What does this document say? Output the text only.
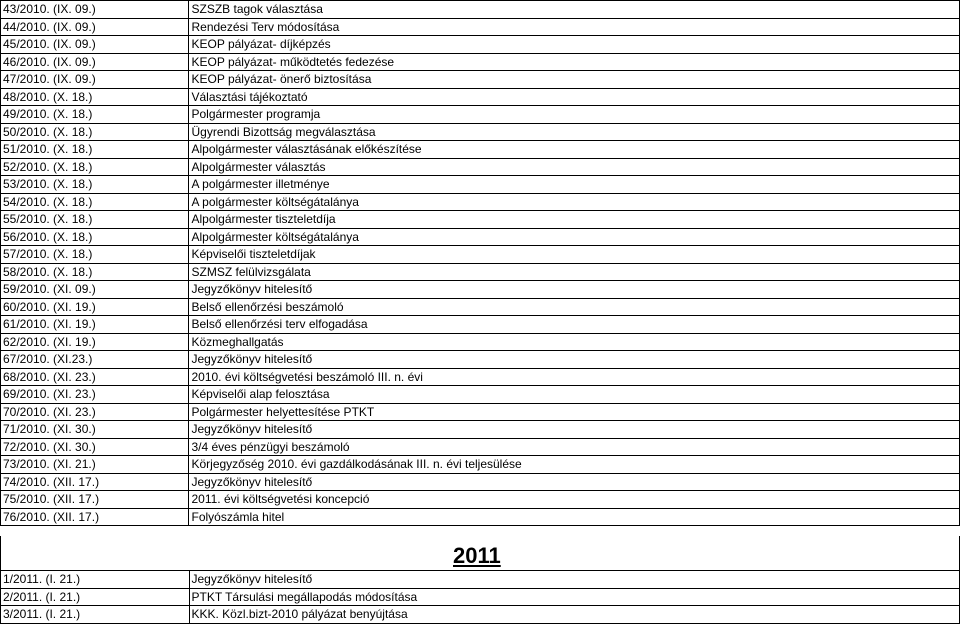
43/2010. (IX. 09.)	SZSZB tagok választása
44/2010. (IX. 09.)	Rendezési Terv módosítása
45/2010. (IX. 09.)	KEOP pályázat- díjképzés
46/2010. (IX. 09.)	KEOP pályázat- működtetés fedezése
47/2010. (IX. 09.)	KEOP pályázat- önerő biztosítása
48/2010. (X. 18.)	Választási tájékoztató
49/2010. (X. 18.)	Polgármester programja
50/2010. (X. 18.)	Ügyrendi Bizottság megválasztása
51/2010. (X. 18.)	Alpolgármester választásának előkészítése
52/2010. (X. 18.)	Alpolgármester választás
53/2010. (X. 18.)	A polgármester illetménye
54/2010. (X. 18.)	A polgármester költségátalánya
55/2010. (X. 18.)	Alpolgármester tiszteletdíja
56/2010. (X. 18.)	Alpolgármester költségátalánya
57/2010. (X. 18.)	Képviselői tiszteletdíjak
58/2010. (X. 18.)	SZMSZ felülvizsgálata
59/2010. (XI. 09.)	Jegyzőkönyv hitelesítő
60/2010. (XI. 19.)	Belső ellenőrzési beszámoló
61/2010. (XI. 19.)	Belső ellenőrzési terv elfogadása
62/2010. (XI. 19.)	Közmeghallgatás
67/2010. (XI.23.)	Jegyzőkönyv hitelesítő
68/2010. (XI. 23.)	2010. évi költségvetési beszámoló III. n. évi
69/2010. (XI. 23.)	Képviselői alap felosztása
70/2010. (XI. 23.)	Polgármester helyettesítése PTKT
71/2010. (XI. 30.)	Jegyzőkönyv hitelesítő
72/2010. (XI. 30.)	3/4 éves pénzügyi beszámoló
73/2010. (XI. 21.)	Körjegyzőség 2010. évi gazdálkodásának III. n. évi teljesülése
74/2010. (XII. 17.)	Jegyzőkönyv hitelesítő
75/2010. (XII. 17.)	2011. évi költségvetési koncepció
76/2010. (XII. 17.)	Folyószámla hitel
2011
1/2011. (I. 21.)	Jegyzőkönyv hitelesítő
2/2011. (I. 21.)	PTKT Társulási megállapodás módosítása
3/2011. (I. 21.)	KKK. Közl.bizt-2010 pályázat benyújtása
